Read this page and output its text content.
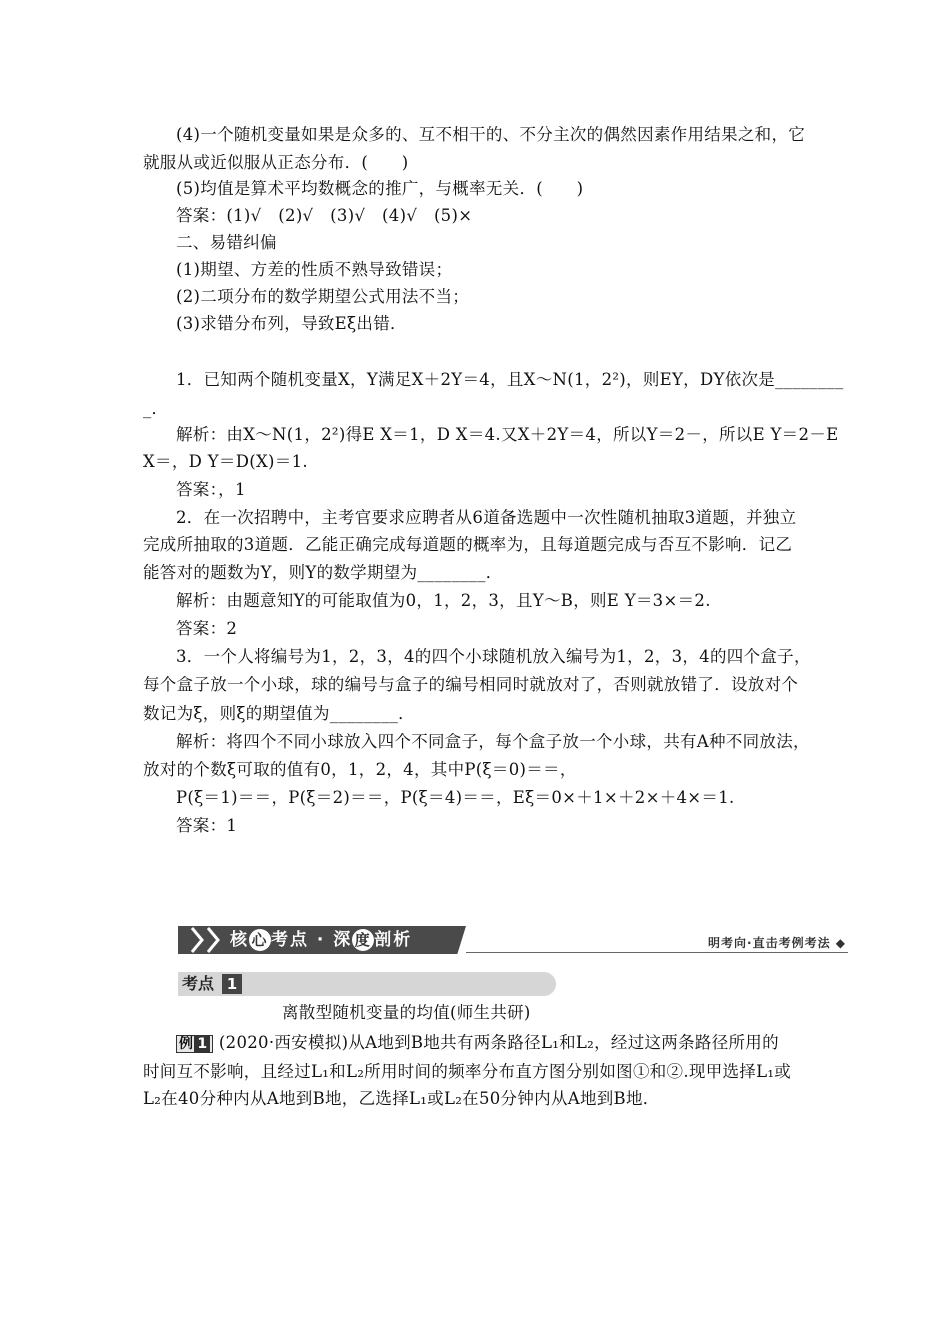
(4)一个随机变量如果是众多的、互不相干的、不分主次的偶然因素作用结果之和，它
就服从或近似服从正态分布．(　　)
(5)均值是算术平均数概念的推广，与概率无关．(　　)
答案：(1)√　(2)√　(3)√　(4)√　(5)×
二、易错纠偏
(1)期望、方差的性质不熟导致错误；
(2)二项分布的数学期望公式用法不当；
(3)求错分布列，导致Eξ出错．
1．已知两个随机变量X，Y满足X＋2Y＝4，且X～N(1，2²)，则EY，DY依次是________
_．
解析：由X～N(1，2²)得E X＝1，D X＝4.又X＋2Y＝4，所以Y＝2－，所以E Y＝2－E
X＝，D Y＝D(X)＝1.
答案：，1
2．在一次招聘中，主考官要求应聘者从6道备选题中一次性随机抽取3道题，并独立
完成所抽取的3道题．乙能正确完成每道题的概率为，且每道题完成与否互不影响．记乙
能答对的题数为Y，则Y的数学期望为________．
解析：由题意知Y的可能取值为0，1，2，3，且Y～B，则E Y＝3×＝2.
答案：2
3．一个人将编号为1，2，3，4的四个小球随机放入编号为1，2，3，4的四个盒子，
每个盒子放一个小球，球的编号与盒子的编号相同时就放对了，否则就放错了．设放对个
数记为ξ，则ξ的期望值为________．
解析：将四个不同小球放入四个不同盒子，每个盒子放一个小球，共有A种不同放法，
放对的个数ξ可取的值有0，1，2，4，其中P(ξ＝0)＝＝，
P(ξ＝1)＝＝，P(ξ＝2)＝＝，P(ξ＝4)＝＝，Eξ＝0×＋1×＋2×＋4×＝1.
答案：1
核 心 考点 · 深 度 剖析	明考向·直击考例考法 ◆
考点 1
离散型随机变量的均值(师生共研)
例 1 (2020·西安模拟)从A地到B地共有两条路径L₁和L₂，经过这两条路径所用的
时间互不影响，且经过L₁和L₂所用时间的频率分布直方图分别如图①和②.现甲选择L₁或
L₂在40分种内从A地到B地，乙选择L₁或L₂在50分钟内从A地到B地．
